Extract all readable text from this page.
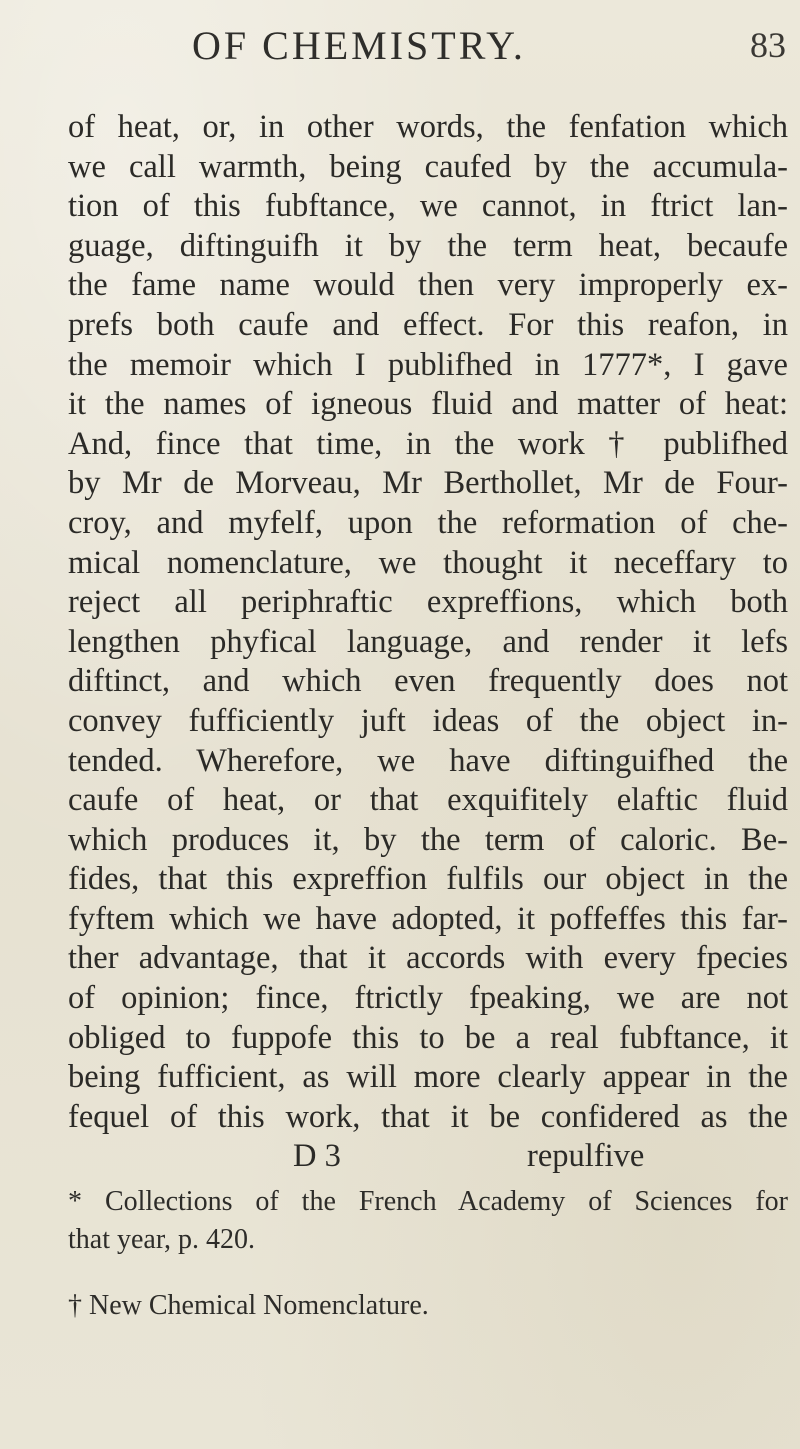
OF CHEMISTRY.	83
of heat, or, in other words, the fenfation which
we call warmth, being caufed by the accumula-
tion of this fubftance, we cannot, in ftrict lan-
guage, diftinguifh it by the term heat, becaufe
the fame name would then very improperly ex-
prefs both caufe and effect. For this reafon, in
the memoir which I publifhed in 1777*, I gave
it the names of igneous fluid and matter of heat:
And, fince that time, in the work † publifhed
by Mr de Morveau, Mr Berthollet, Mr de Four-
croy, and myfelf, upon the reformation of che-
mical nomenclature, we thought it neceffary to
reject all periphraftic expreffions, which both
lengthen phyfical language, and render it lefs
diftinct, and which even frequently does not
convey fufficiently juft ideas of the object in-
tended. Wherefore, we have diftinguifhed the
caufe of heat, or that exquifitely elaftic fluid
which produces it, by the term of caloric. Be-
fides, that this expreffion fulfils our object in the
fyftem which we have adopted, it poffeffes this far-
ther advantage, that it accords with every fpecies
of opinion; fince, ftrictly fpeaking, we are not
obliged to fuppofe this to be a real fubftance, it
being fufficient, as will more clearly appear in the
fequel of this work, that it be confidered as the
D 3	repulfive
* Collections of the French Academy of Sciences for
that year, p. 420.
† New Chemical Nomenclature.
